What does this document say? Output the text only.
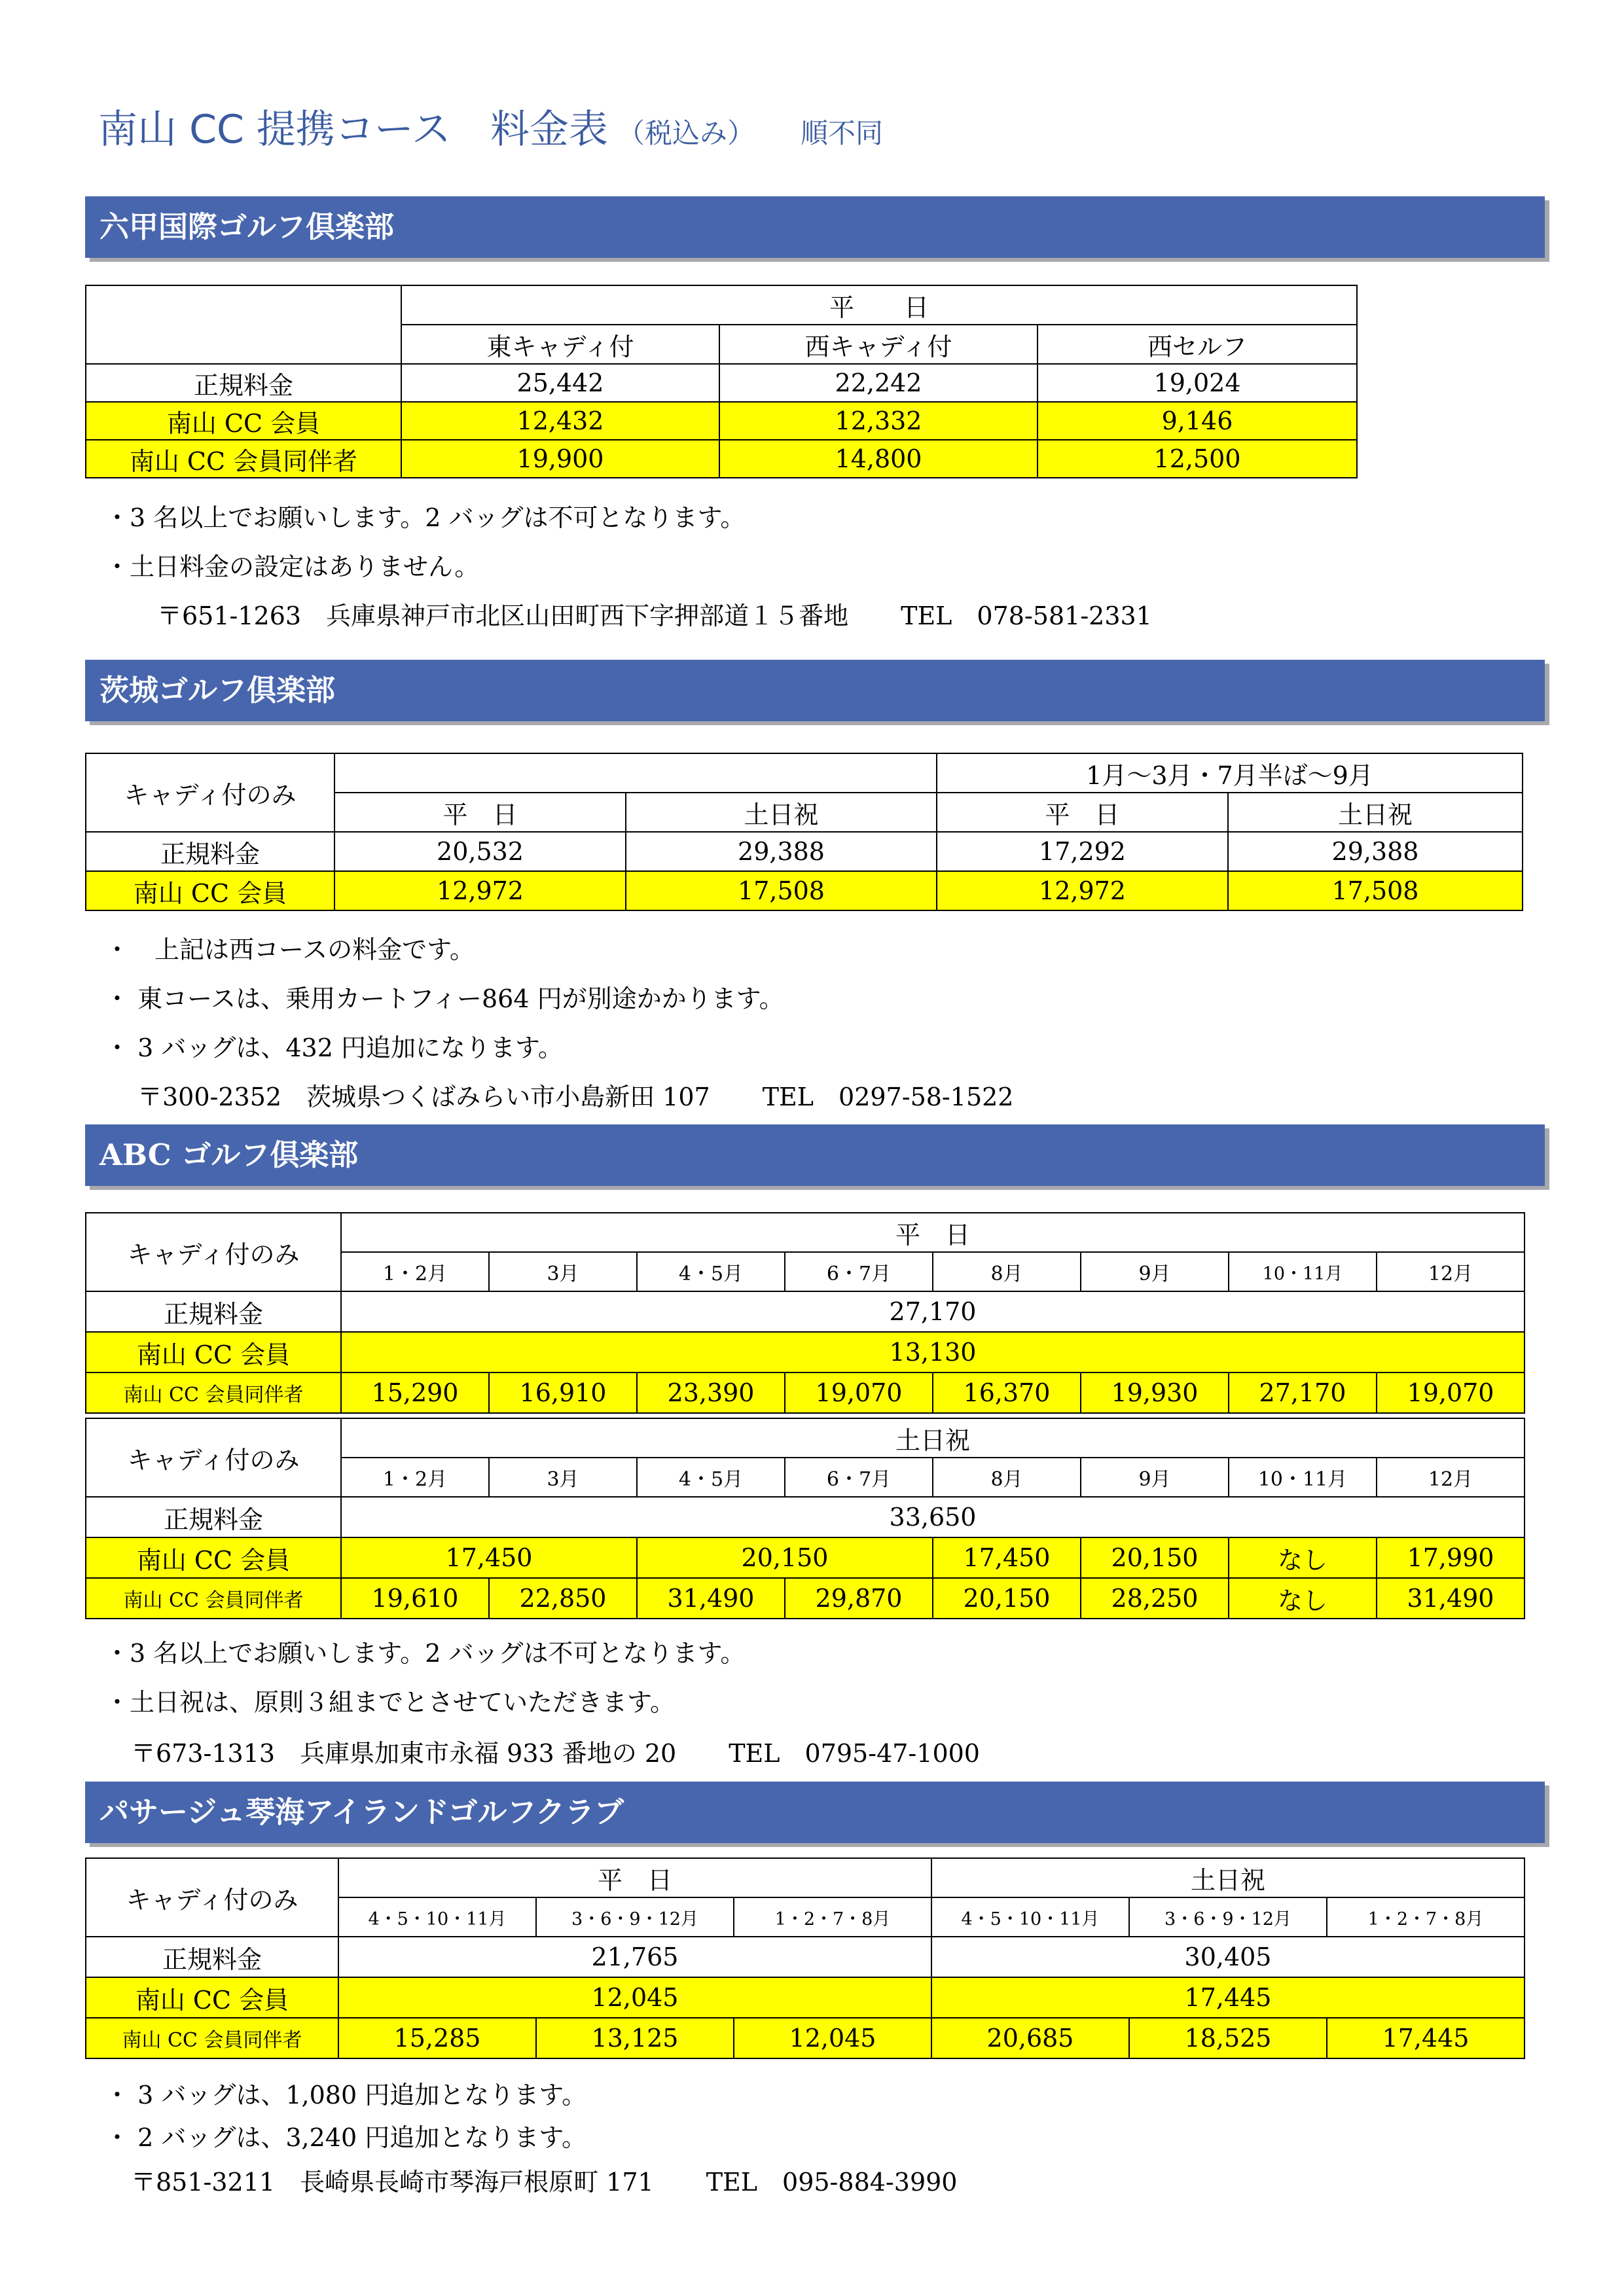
南山 CC 提携コース　料金表 （税込み） 順不同
六甲国際ゴルフ倶楽部
	平　　日		
	東キャディ付	西キャディ付	西セルフ
正規料金	25,442	22,242	19,024
南山 CC 会員	12,432	12,332	9,146
南山 CC 会員同伴者	19,900	14,800	12,500
・3 名以上でお願いします。2 バッグは不可となります。
・土日料金の設定はありません。
〒651-1263　兵庫県神戸市北区山田町西下字押部道１５番地 TEL　078-581-2331
茨城ゴルフ倶楽部
キャディ付のみ			1月～3月・7月半ば～9月	
	平　日	土日祝	平　日	土日祝
正規料金	20,532	29,388	17,292	29,388
南山 CC 会員	12,972	17,508	12,972	17,508
・　上記は西コースの料金です。
・ 東コースは、乗用カートフィー864 円が別途かかります。
・ 3 バッグは、432 円追加になります。
〒300-2352　茨城県つくばみらい市小島新田 107 TEL　0297-58-1522
ABC ゴルフ倶楽部
キャディ付のみ	平　日							
	1・2月	3月	4・5月	6・7月	8月	9月	10・11月	12月
正規料金	27,170							
南山 CC 会員	13,130							
南山 CC 会員同伴者	15,290	16,910	23,390	19,070	16,370	19,930	27,170	19,070
キャディ付のみ	土日祝							
	1・2月	3月	4・5月	6・7月	8月	9月	10・11月	12月
正規料金	33,650							
南山 CC 会員	17,450		20,150		17,450	20,150	なし	17,990
南山 CC 会員同伴者	19,610	22,850	31,490	29,870	20,150	28,250	なし	31,490
・3 名以上でお願いします。2 バッグは不可となります。
・土日祝は、原則３組までとさせていただきます。
〒673-1313　兵庫県加東市永福 933 番地の 20 TEL　0795-47-1000
パサージュ琴海アイランドゴルフクラブ
キャディ付のみ	平　日			土日祝		
	4・5・10・11月	3・6・9・12月	1・2・7・8月	4・5・10・11月	3・6・9・12月	1・2・7・8月
正規料金	21,765			30,405		
南山 CC 会員	12,045			17,445		
南山 CC 会員同伴者	15,285	13,125	12,045	20,685	18,525	17,445
・ 3 バッグは、1,080 円追加となります。
・ 2 バッグは、3,240 円追加となります。
〒851-3211　長崎県長崎市琴海戸根原町 171 TEL　095-884-3990
